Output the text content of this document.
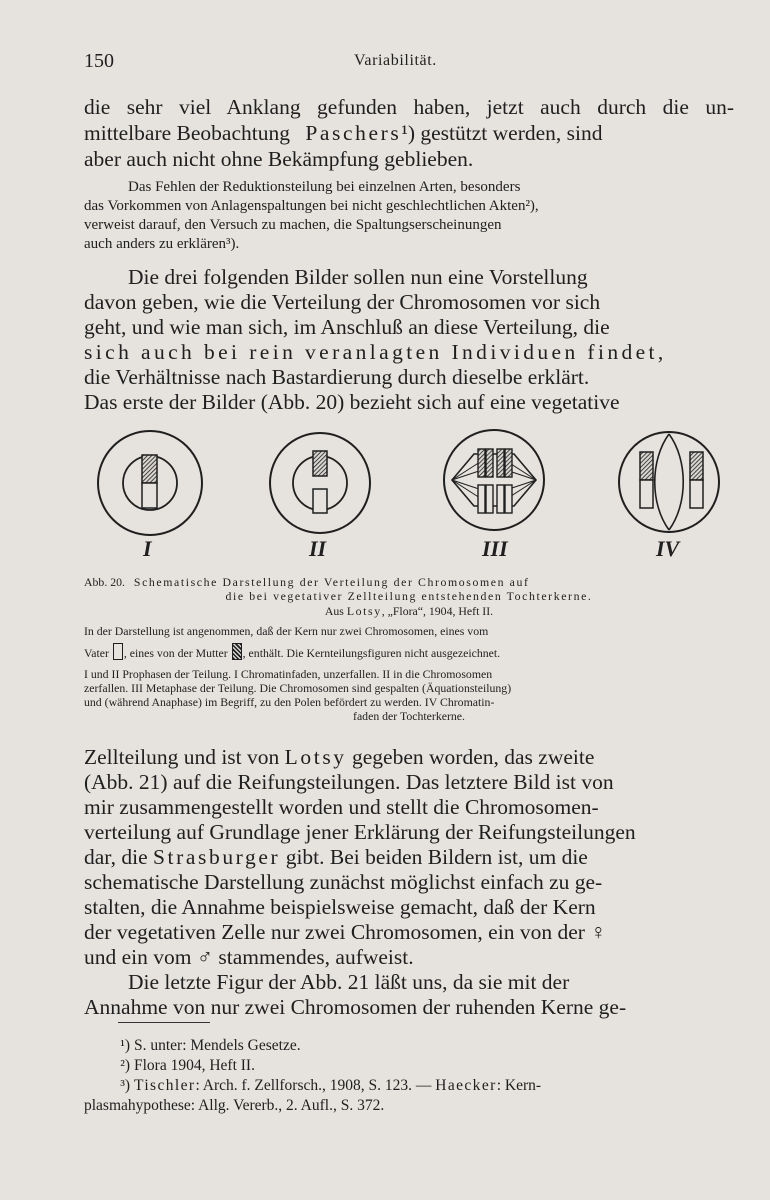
150	Variabilität.
die sehr viel Anklang gefunden haben, jetzt auch durch die un-
mittelbare Beobachtung Paschers¹) gestützt werden, sind
aber auch nicht ohne Bekämpfung geblieben.
Das Fehlen der Reduktionsteilung bei einzelnen Arten, besonders
das Vorkommen von Anlagenspaltungen bei nicht geschlechtlichen Akten²),
verweist darauf, den Versuch zu machen, die Spaltungserscheinungen
auch anders zu erklären³).
Die drei folgenden Bilder sollen nun eine Vorstellung
davon geben, wie die Verteilung der Chromosomen vor sich
geht, und wie man sich, im Anschluß an diese Verteilung, die
sich auch bei rein veranlagten Individuen findet,
die Verhältnisse nach Bastardierung durch dieselbe erklärt.
Das erste der Bilder (Abb. 20) bezieht sich auf eine vegetative
I	II	III	IV
Abb. 20. Schematische Darstellung der Verteilung der Chromosomen auf
die bei vegetativer Zellteilung entstehenden Tochterkerne.
Aus Lotsy, „Flora“, 1904, Heft II.
In der Darstellung ist angenommen, daß der Kern nur zwei Chromosomen, eines vom
Vater , eines von der Mutter , enthält. Die Kernteilungsfiguren nicht ausgezeichnet.
I und II Prophasen der Teilung. I Chromatinfaden, unzerfallen. II in die Chromosomen
zerfallen. III Metaphase der Teilung. Die Chromosomen sind gespalten (Äquationsteilung)
und (während Anaphase) im Begriff, zu den Polen befördert zu werden. IV Chromatin-
faden der Tochterkerne.
Zellteilung und ist von Lotsy gegeben worden, das zweite
(Abb. 21) auf die Reifungsteilungen. Das letztere Bild ist von
mir zusammengestellt worden und stellt die Chromosomen-
verteilung auf Grundlage jener Erklärung der Reifungsteilungen
dar, die Strasburger gibt. Bei beiden Bildern ist, um die
schematische Darstellung zunächst möglichst einfach zu ge-
stalten, die Annahme beispielsweise gemacht, daß der Kern
der vegetativen Zelle nur zwei Chromosomen, ein von der ♀
und ein vom ♂ stammendes, aufweist.
Die letzte Figur der Abb. 21 läßt uns, da sie mit der
Annahme von nur zwei Chromosomen der ruhenden Kerne ge-
¹) S. unter: Mendels Gesetze.
²) Flora 1904, Heft II.
³) Tischler: Arch. f. Zellforsch., 1908, S. 123. — Haecker: Kern-
plasmahypothese: Allg. Vererb., 2. Aufl., S. 372.
